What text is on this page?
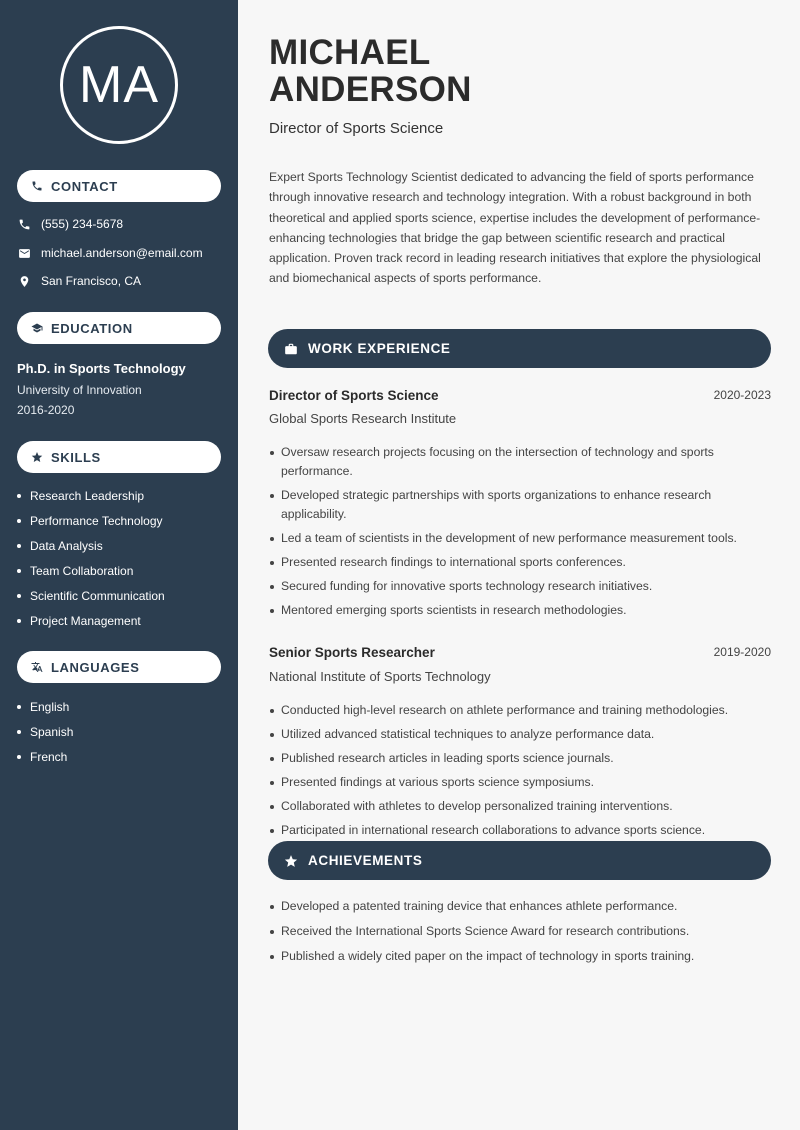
MA
CONTACT
(555) 234-5678
michael.anderson@email.com
San Francisco, CA
EDUCATION
Ph.D. in Sports Technology
University of Innovation
2016-2020
SKILLS
Research Leadership
Performance Technology
Data Analysis
Team Collaboration
Scientific Communication
Project Management
LANGUAGES
English
Spanish
French
MICHAEL
ANDERSON
Director of Sports Science

Expert Sports Technology Scientist dedicated to advancing the field of sports performance through innovative research and technology integration. With a robust background in both theoretical and applied sports science, expertise includes the development of performance-enhancing technologies that bridge the gap between scientific research and practical application. Proven track record in leading research initiatives that explore the physiological and biomechanical aspects of sports performance.

WORK EXPERIENCE
Director of Sports Science	2020-2023
Global Sports Research Institute
Oversaw research projects focusing on the intersection of technology and sports performance.
Developed strategic partnerships with sports organizations to enhance research applicability.
Led a team of scientists in the development of new performance measurement tools.
Presented research findings to international sports conferences.
Secured funding for innovative sports technology research initiatives.
Mentored emerging sports scientists in research methodologies.
Senior Sports Researcher	2019-2020
National Institute of Sports Technology
Conducted high-level research on athlete performance and training methodologies.
Utilized advanced statistical techniques to analyze performance data.
Published research articles in leading sports science journals.
Presented findings at various sports science symposiums.
Collaborated with athletes to develop personalized training interventions.
Participated in international research collaborations to advance sports science.
ACHIEVEMENTS
Developed a patented training device that enhances athlete performance.
Received the International Sports Science Award for research contributions.
Published a widely cited paper on the impact of technology in sports training.
